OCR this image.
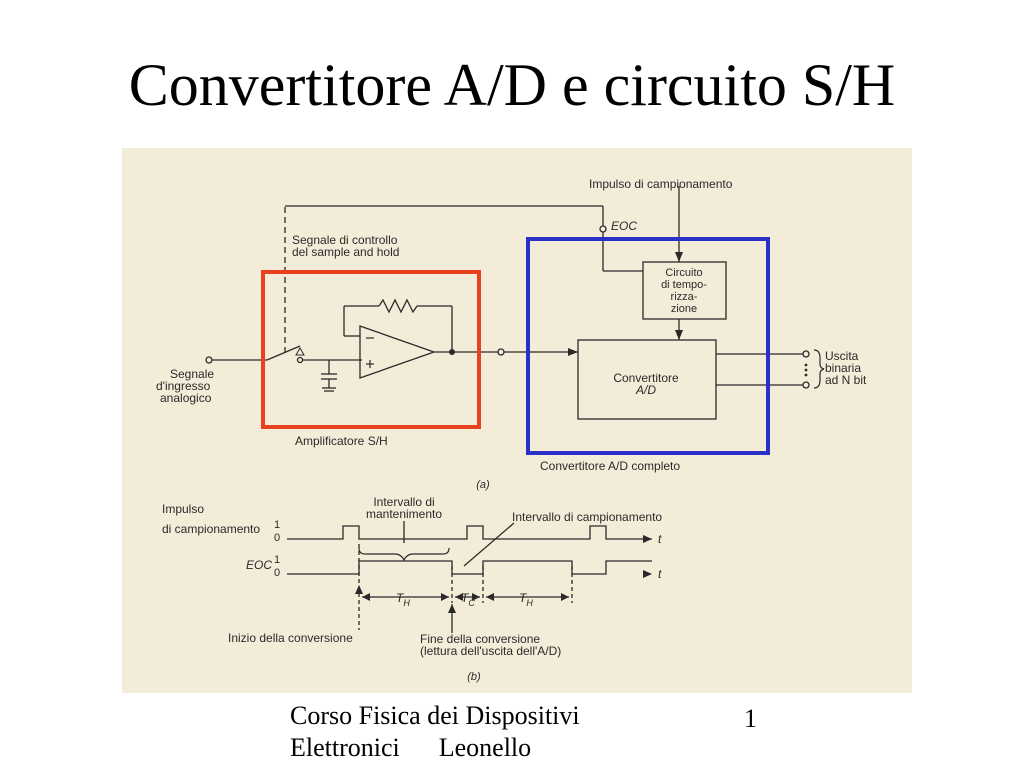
Convertitore A/D e circuito S/H
Impulso di campionamento
EOC
Segnale di controllo
del sample and hold
Circuito
di tempo-
rizza-
zione
Segnale
d'ingresso
analogico
Convertitore
A/D
Uscita
binaria
ad N bit
Amplificatore S/H
Convertitore A/D completo
(a)
Impulso
di campionamento
EOC
1
0
1
0
t
t
Intervallo di
mantenimento	Intervallo di campionamento
$T_H$	$T_C$	$T_H$
Inizio della conversione	Fine della conversione
(lettura dell'uscita dell'A/D)
(b)
Corso Fisica dei Dispositivi
Elettronici Leonello
1
